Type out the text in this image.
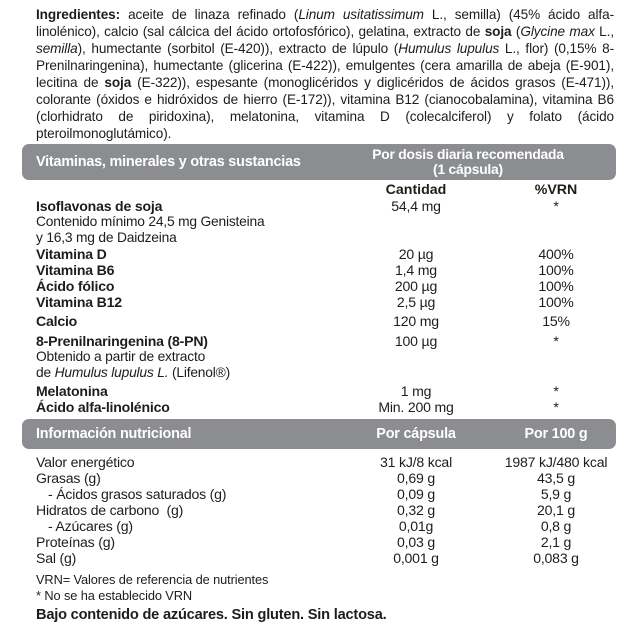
Ingredientes: aceite de linaza refinado (Linum usitatissimum L., semilla) (45% ácido alfa-linolénico), calcio (sal cálcica del ácido ortofosfórico), gelatina, extracto de soja (Glycine max L., semilla), humectante (sorbitol (E-420)), extracto de lúpulo (Humulus lupulus L., flor) (0,15% 8-Prenilnaringenina), humectante (glicerina (E-422)), emulgentes (cera amarilla de abeja (E-901), lecitina de soja (E-322)), espesante (monoglicéridos y diglicéridos de ácidos grasos (E-471)), colorante (óxidos e hidróxidos de hierro (E-172)), vitamina B12 (cianocobalamina), vitamina B6 (clorhidrato de piridoxina), melatonina, vitamina D (colecalciferol) y folato (ácido pteroilmonoglutámico).

Vitaminas, minerales y otras sustancias	Por dosis diaria recomendada
(1 cápsula)
Cantidad	%VRN
Isoflavonas de soja	54,4 mg	*
Contenido mínimo 24,5 mg Genisteina
y 16,3 mg de Daidzeina
Vitamina D	20 µg	400%
Vitamina B6	1,4 mg	100%
Ácido fólico	200 µg	100%
Vitamina B12	2,5 µg	100%
Calcio	120 mg	15%
8-Prenilnaringenina (8-PN)	100 µg	*
Obtenido a partir de extracto
de Humulus lupulus L. (Lifenol®)
Melatonina	1 mg	*
Ácido alfa-linolénico	Min. 200 mg	*
Información nutricional	Por cápsula	Por 100 g
Valor energético	31 kJ/8 kcal	1987 kJ/480 kcal
Grasas (g)	0,69 g	43,5 g
- Ácidos grasos saturados (g)	0,09 g	5,9 g
Hidratos de carbono  (g)	0,32 g	20,1 g
- Azúcares (g)	0,01g	0,8 g
Proteínas (g)	0,03 g	2,1 g
Sal (g)	0,001 g	0,083 g
VRN= Valores de referencia de nutrientes
* No se ha establecido VRN
Bajo contenido de azúcares. Sin gluten. Sin lactosa.
